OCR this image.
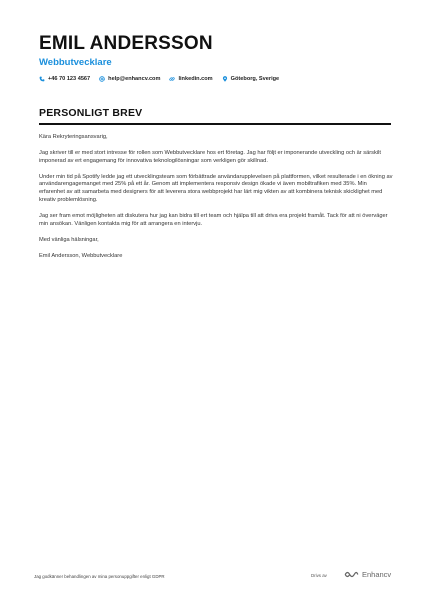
EMIL ANDERSSON
Webbutvecklare
+46 70 123 4567	help@enhancv.com	linkedin.com	Göteborg, Sverige
PERSONLIGT BREV

Kära Rekryteringsansvarig,

Jag skriver till er med stort intresse för rollen som Webbutvecklare hos ert företag. Jag har följt er imponerande utveckling och är särskilt imponerad av ert engagemang för innovativa teknologilösningar som verkligen gör skillnad.

Under min tid på Spotify ledde jag ett utvecklingsteam som förbättrade användarupplevelsen på plattformen, vilket resulterade i en ökning av användarengagemanget med 25% på ett år. Genom att implementera responsiv design ökade vi även mobiltrafiken med 35%. Min erfarenhet av att samarbeta med designers för att leverera stora webbprojekt har lärt mig vikten av att kombinera teknisk skicklighet med kreativ problemlösning.

Jag ser fram emot möjligheten att diskutera hur jag kan bidra till ert team och hjälpa till att driva era projekt framåt. Tack för att ni överväger min ansökan. Vänligen kontakta mig för att arrangera en intervju.

Med vänliga hälsningar,

Emil Andersson, Webbutvecklare

Jag godkänner behandlingen av mina personuppgifter enligt GDPR	Drivs av	Enhancv
